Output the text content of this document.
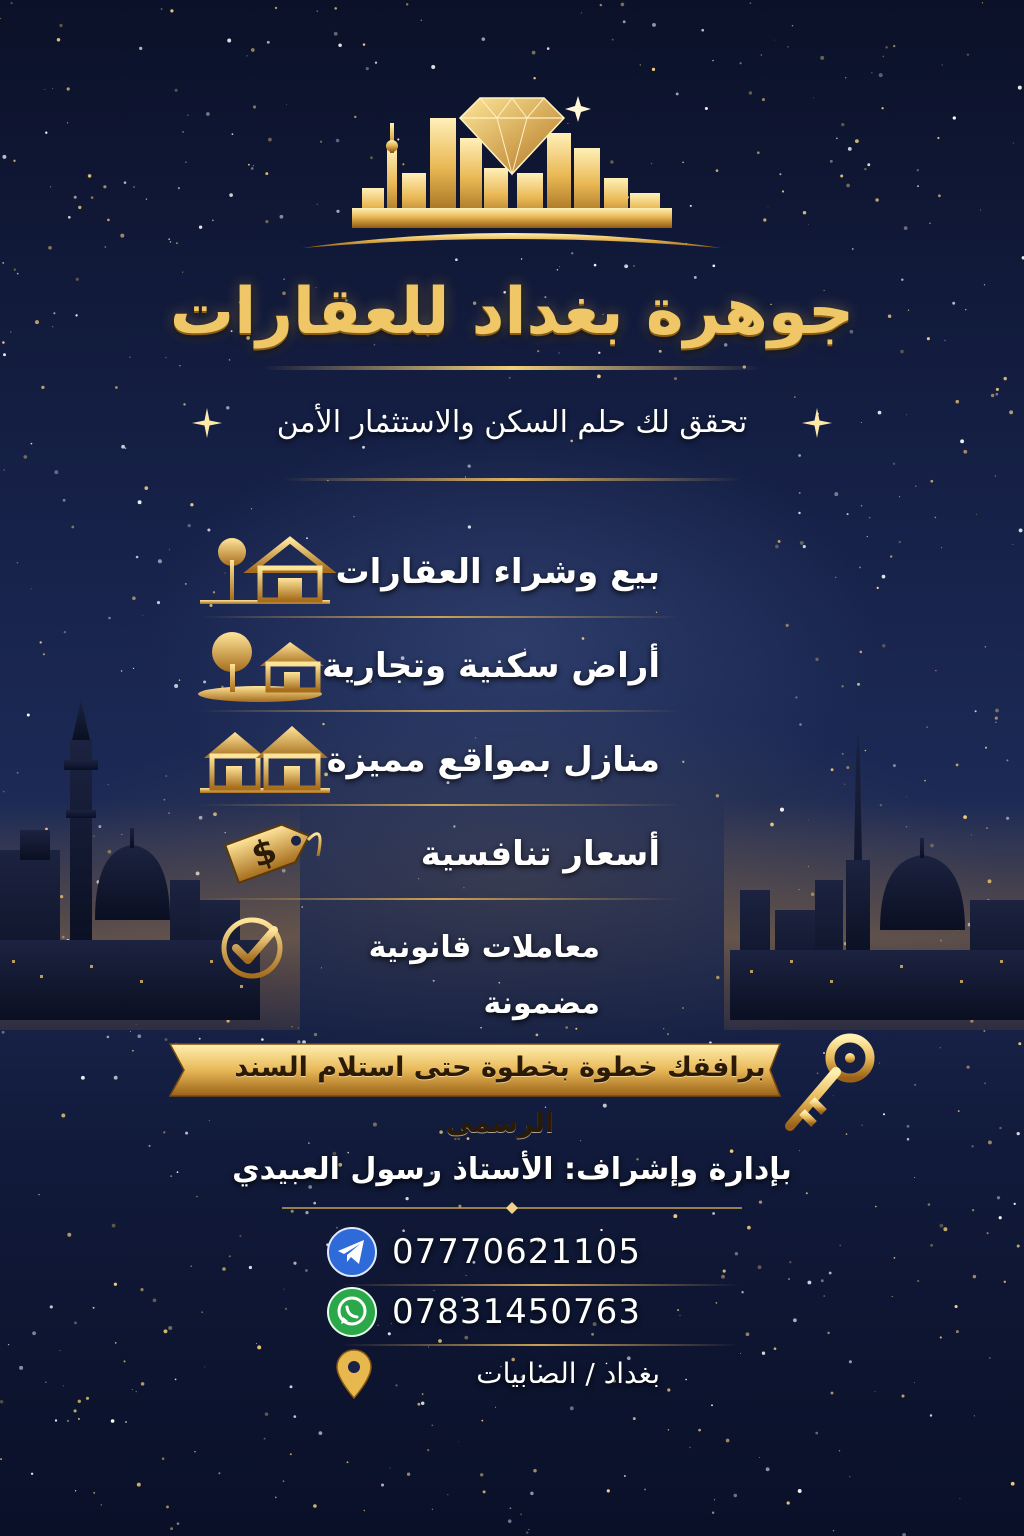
جوهرة بغداد للعقارات

تحقق لك حلم السكن والاستثمار الأمن

بيع وشراء العقارات
أراض سكنية وتجارية
منازل بمواقع مميزة
$	أسعار تنافسية
معاملات قانونية مضمونة

برافقك خطوة بخطوة حتى استلام السند الرسمي

بإدارة وإشراف: الأستاذ رسول العبيدي

07770621105
07831450763
بغداد / الصابيات
